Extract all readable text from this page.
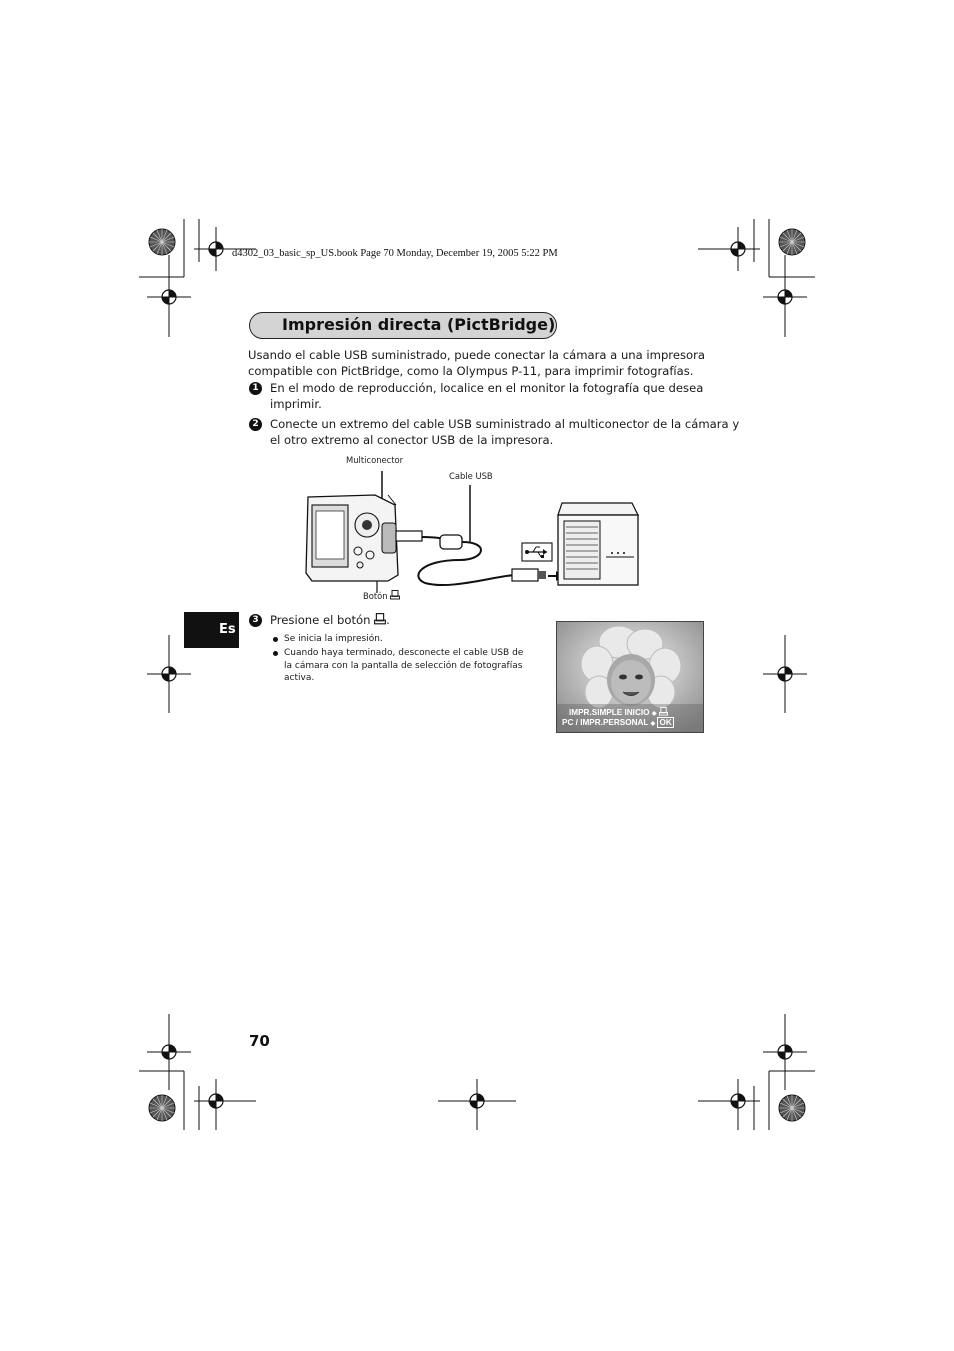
d4302_03_basic_sp_US.book Page 70 Monday, December 19, 2005 5:22 PM
Impresión directa (PictBridge)
Usando el cable USB suministrado, puede conectar la cámara a una impresora
compatible con PictBridge, como la Olympus P-11, para imprimir fotografías.
1 En el modo de reproducción, localice en el monitor la fotografía que desea
imprimir.
2 Conecte un extremo del cable USB suministrado al multiconector de la cámara y
el otro extremo al conector USB de la impresora.
Multiconector
Cable USB
Botón
Es
3 Presione el botón .
Se inicia la impresión.
Cuando haya terminado, desconecte el cable USB de
la cámara con la pantalla de selección de fotografías
activa.
IMPR.SIMPLE INICIO ◆
PC / IMPR.PERSONAL ◆ OK
70
